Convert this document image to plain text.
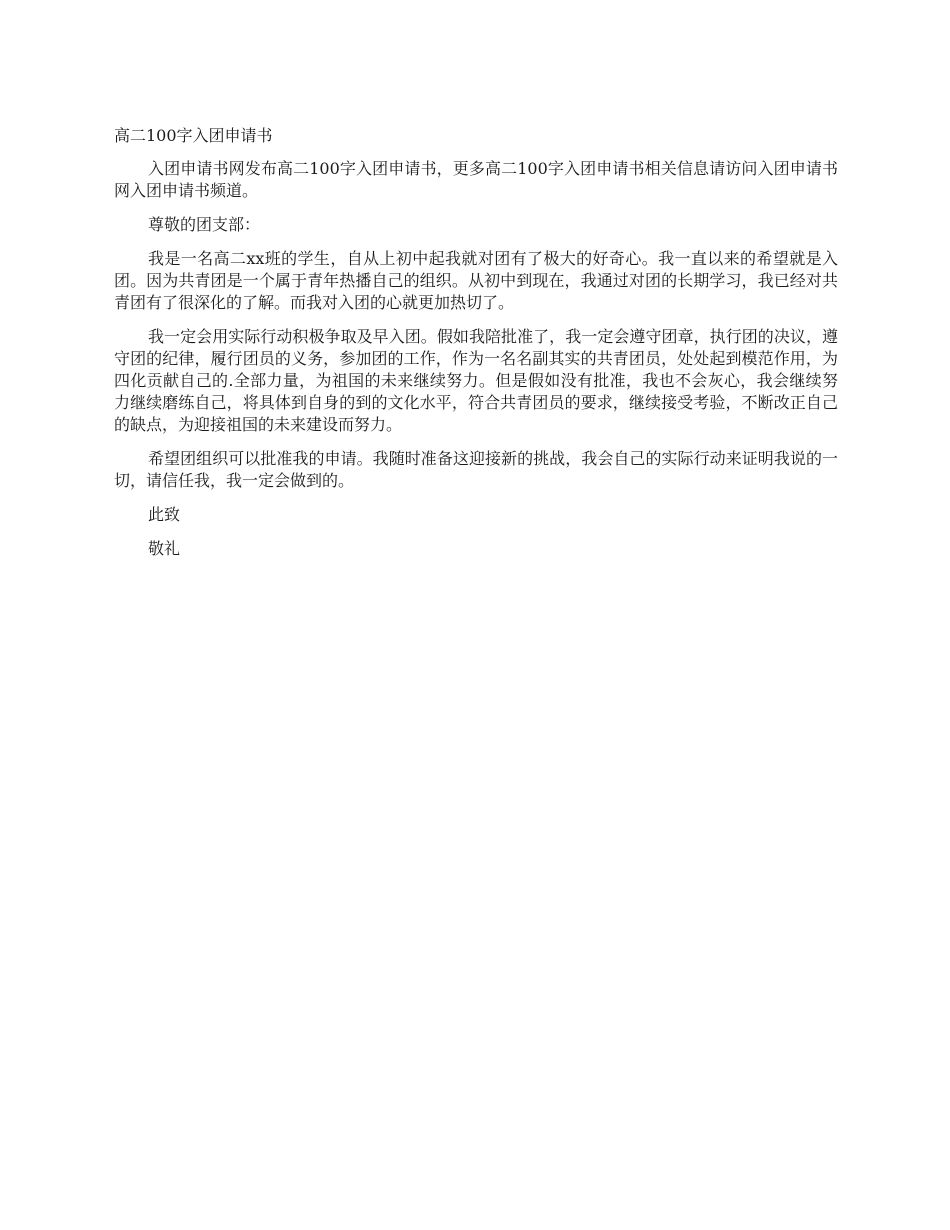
高二100字入团申请书

入团申请书网发布高二100字入团申请书，更多高二100字入团申请书相关信息请访问入团申请书网入团申请书频道。

尊敬的团支部：

我是一名高二xx班的学生，自从上初中起我就对团有了极大的好奇心。我一直以来的希望就是入团。因为共青团是一个属于青年热播自己的组织。从初中到现在，我通过对团的长期学习，我已经对共青团有了很深化的了解。而我对入团的心就更加热切了。

我一定会用实际行动积极争取及早入团。假如我陪批准了，我一定会遵守团章，执行团的决议，遵守团的纪律，履行团员的义务，参加团的工作，作为一名名副其实的共青团员，处处起到模范作用，为四化贡献自己的.全部力量，为祖国的未来继续努力。但是假如没有批准，我也不会灰心，我会继续努力继续磨练自己，将具体到自身的到的文化水平，符合共青团员的要求，继续接受考验，不断改正自己的缺点，为迎接祖国的未来建设而努力。

希望团组织可以批准我的申请。我随时准备这迎接新的挑战，我会自己的实际行动来证明我说的一切，请信任我，我一定会做到的。

此致

敬礼
